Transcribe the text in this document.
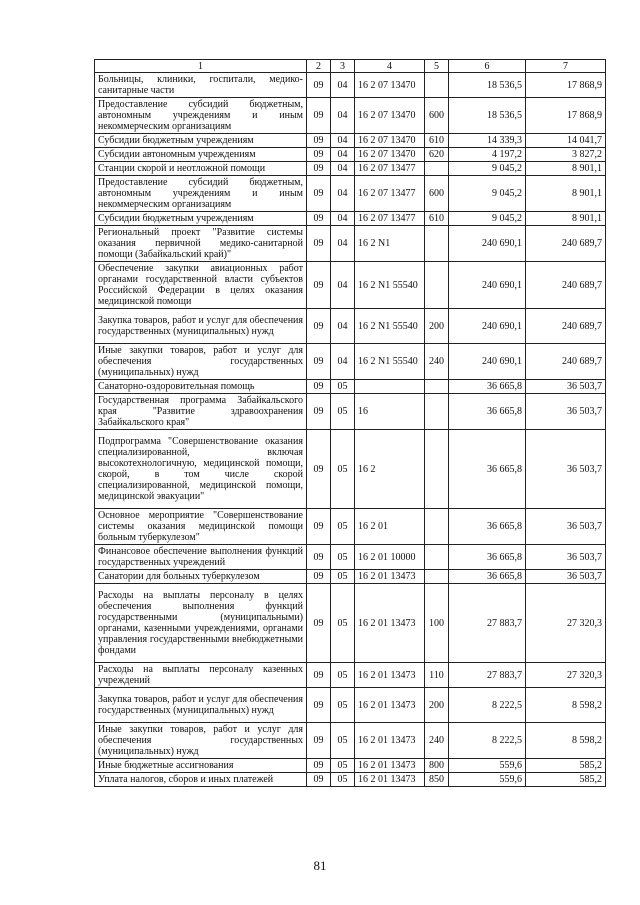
1	2	3	4	5	6	7
Больницы, клиники, госпитали, медико-санитарные части	09	04	16 2 07 13470		18 536,5	17 868,9
Предоставление субсидий бюджетным, автономным учреждениям и иным некоммерческим организациям	09	04	16 2 07 13470	600	18 536,5	17 868,9
Субсидии бюджетным учреждениям	09	04	16 2 07 13470	610	14 339,3	14 041,7
Субсидии автономным учреждениям	09	04	16 2 07 13470	620	4 197,2	3 827,2
Станции скорой и неотложной помощи	09	04	16 2 07 13477		9 045,2	8 901,1
Предоставление субсидий бюджетным, автономным учреждениям и иным некоммерческим организациям	09	04	16 2 07 13477	600	9 045,2	8 901,1
Субсидии бюджетным учреждениям	09	04	16 2 07 13477	610	9 045,2	8 901,1
Региональный проект "Развитие системы оказания первичной медико-санитарной помощи (Забайкальский край)"	09	04	16 2 N1		240 690,1	240 689,7
Обеспечение закупки авиационных работ органами государственной власти субъектов Российской Федерации в целях оказания медицинской помощи	09	04	16 2 N1 55540		240 690,1	240 689,7
Закупка товаров, работ и услуг для обеспечения государственных (муниципальных) нужд	09	04	16 2 N1 55540	200	240 690,1	240 689,7
Иные закупки товаров, работ и услуг для обеспечения государственных (муниципальных) нужд	09	04	16 2 N1 55540	240	240 690,1	240 689,7
Санаторно-оздоровительная помощь	09	05			36 665,8	36 503,7
Государственная программа Забайкальского края "Развитие здравоохранения Забайкальского края"	09	05	16		36 665,8	36 503,7
Подпрограмма "Совершенствование оказания специализированной, включая высокотехнологичную, медицинской помощи, скорой, в том числе скорой специализированной, медицинской помощи, медицинской эвакуации"	09	05	16 2		36 665,8	36 503,7
Основное мероприятие "Совершенствование системы оказания медицинской помощи больным туберкулезом"	09	05	16 2 01		36 665,8	36 503,7
Финансовое обеспечение выполнения функций государственных учреждений	09	05	16 2 01 10000		36 665,8	36 503,7
Санатории для больных туберкулезом	09	05	16 2 01 13473		36 665,8	36 503,7
Расходы на выплаты персоналу в целях обеспечения выполнения функций государственными (муниципальными) органами, казенными учреждениями, органами управления государственными внебюджетными фондами	09	05	16 2 01 13473	100	27 883,7	27 320,3
Расходы на выплаты персоналу казенных учреждений	09	05	16 2 01 13473	110	27 883,7	27 320,3
Закупка товаров, работ и услуг для обеспечения государственных (муниципальных) нужд	09	05	16 2 01 13473	200	8 222,5	8 598,2
Иные закупки товаров, работ и услуг для обеспечения государственных (муниципальных) нужд	09	05	16 2 01 13473	240	8 222,5	8 598,2
Иные бюджетные ассигнования	09	05	16 2 01 13473	800	559,6	585,2
Уплата налогов, сборов и иных платежей	09	05	16 2 01 13473	850	559,6	585,2
81
